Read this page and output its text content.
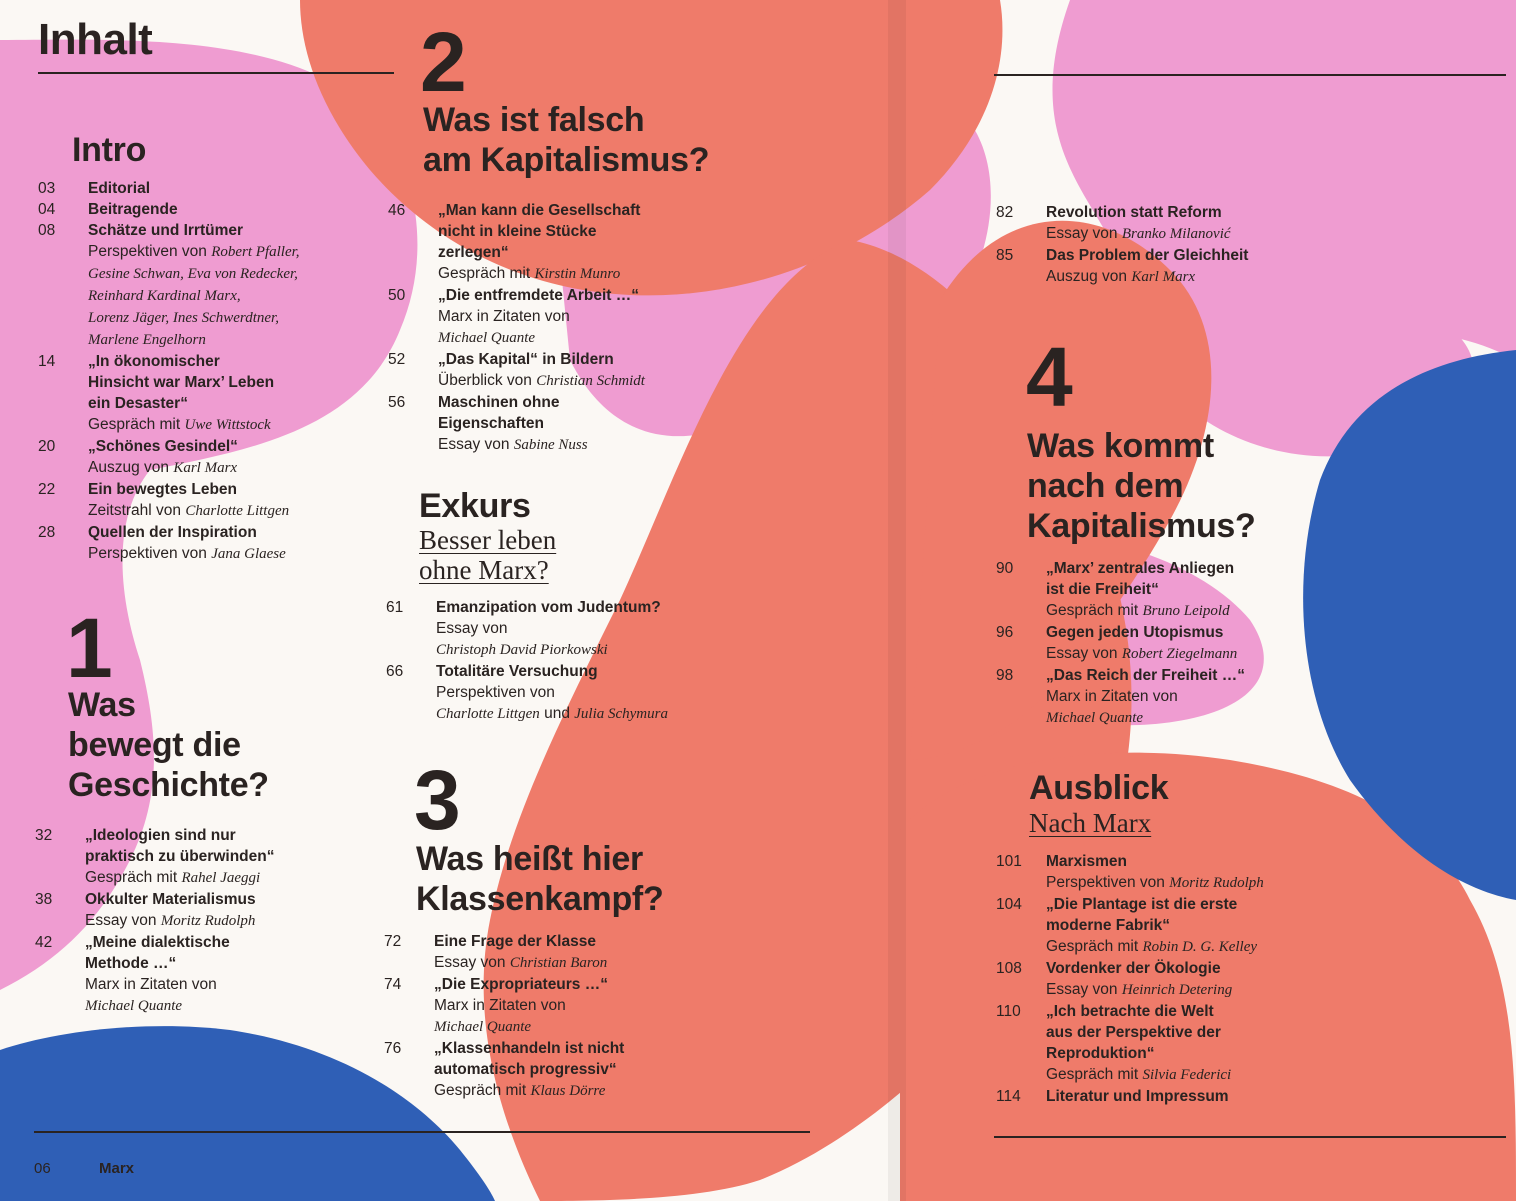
Inhalt
Intro
03 Editorial
04 Beitragende
08 Schätze und Irrtümer
Perspektiven von Robert Pfaller,
Gesine Schwan, Eva von Redecker,
Reinhard Kardinal Marx,
Lorenz Jäger, Ines Schwerdtner,
Marlene Engelhorn
14 „In ökonomischer
Hinsicht war Marx’ Leben
ein Desaster“
Gespräch mit Uwe Wittstock
20 „Schönes Gesindel“
Auszug von Karl Marx
22 Ein bewegtes Leben
Zeitstrahl von Charlotte Littgen
28 Quellen der Inspiration
Perspektiven von Jana Glaese
1
Was
bewegt die
Geschichte?
32 „Ideologien sind nur
praktisch zu überwinden“
Gespräch mit Rahel Jaeggi
38 Okkulter Materialismus
Essay von Moritz Rudolph
42 „Meine dialektische
Methode …“
Marx in Zitaten von
Michael Quante
2
Was ist falsch
am Kapitalismus?
46 „Man kann die Gesellschaft
nicht in kleine Stücke
zerlegen“
Gespräch mit Kirstin Munro
50 „Die entfremdete Arbeit …“
Marx in Zitaten von
Michael Quante
52 „Das Kapital“ in Bildern
Überblick von Christian Schmidt
56 Maschinen ohne
Eigenschaften
Essay von Sabine Nuss
Exkurs
Besser leben
ohne Marx?
61 Emanzipation vom Judentum?
Essay von
Christoph David Piorkowski
66 Totalitäre Versuchung
Perspektiven von
Charlotte Littgen und Julia Schymura
3
Was heißt hier
Klassenkampf?
72 Eine Frage der Klasse
Essay von Christian Baron
74 „Die Expropriateurs …“
Marx in Zitaten von
Michael Quante
76 „Klassenhandeln ist nicht
automatisch progressiv“
Gespräch mit Klaus Dörre
82 Revolution statt Reform
Essay von Branko Milanović
85 Das Problem der Gleichheit
Auszug von Karl Marx
4
Was kommt
nach dem
Kapitalismus?
90 „Marx’ zentrales Anliegen
ist die Freiheit“
Gespräch mit Bruno Leipold
96 Gegen jeden Utopismus
Essay von Robert Ziegelmann
98 „Das Reich der Freiheit …“
Marx in Zitaten von
Michael Quante
Ausblick
Nach Marx
101 Marxismen
Perspektiven von Moritz Rudolph
104 „Die Plantage ist die erste
moderne Fabrik“
Gespräch mit Robin D. G. Kelley
108 Vordenker der Ökologie
Essay von Heinrich Detering
110 „Ich betrachte die Welt
aus der Perspektive der
Reproduktion“
Gespräch mit Silvia Federici
114 Literatur und Impressum
06	Marx
